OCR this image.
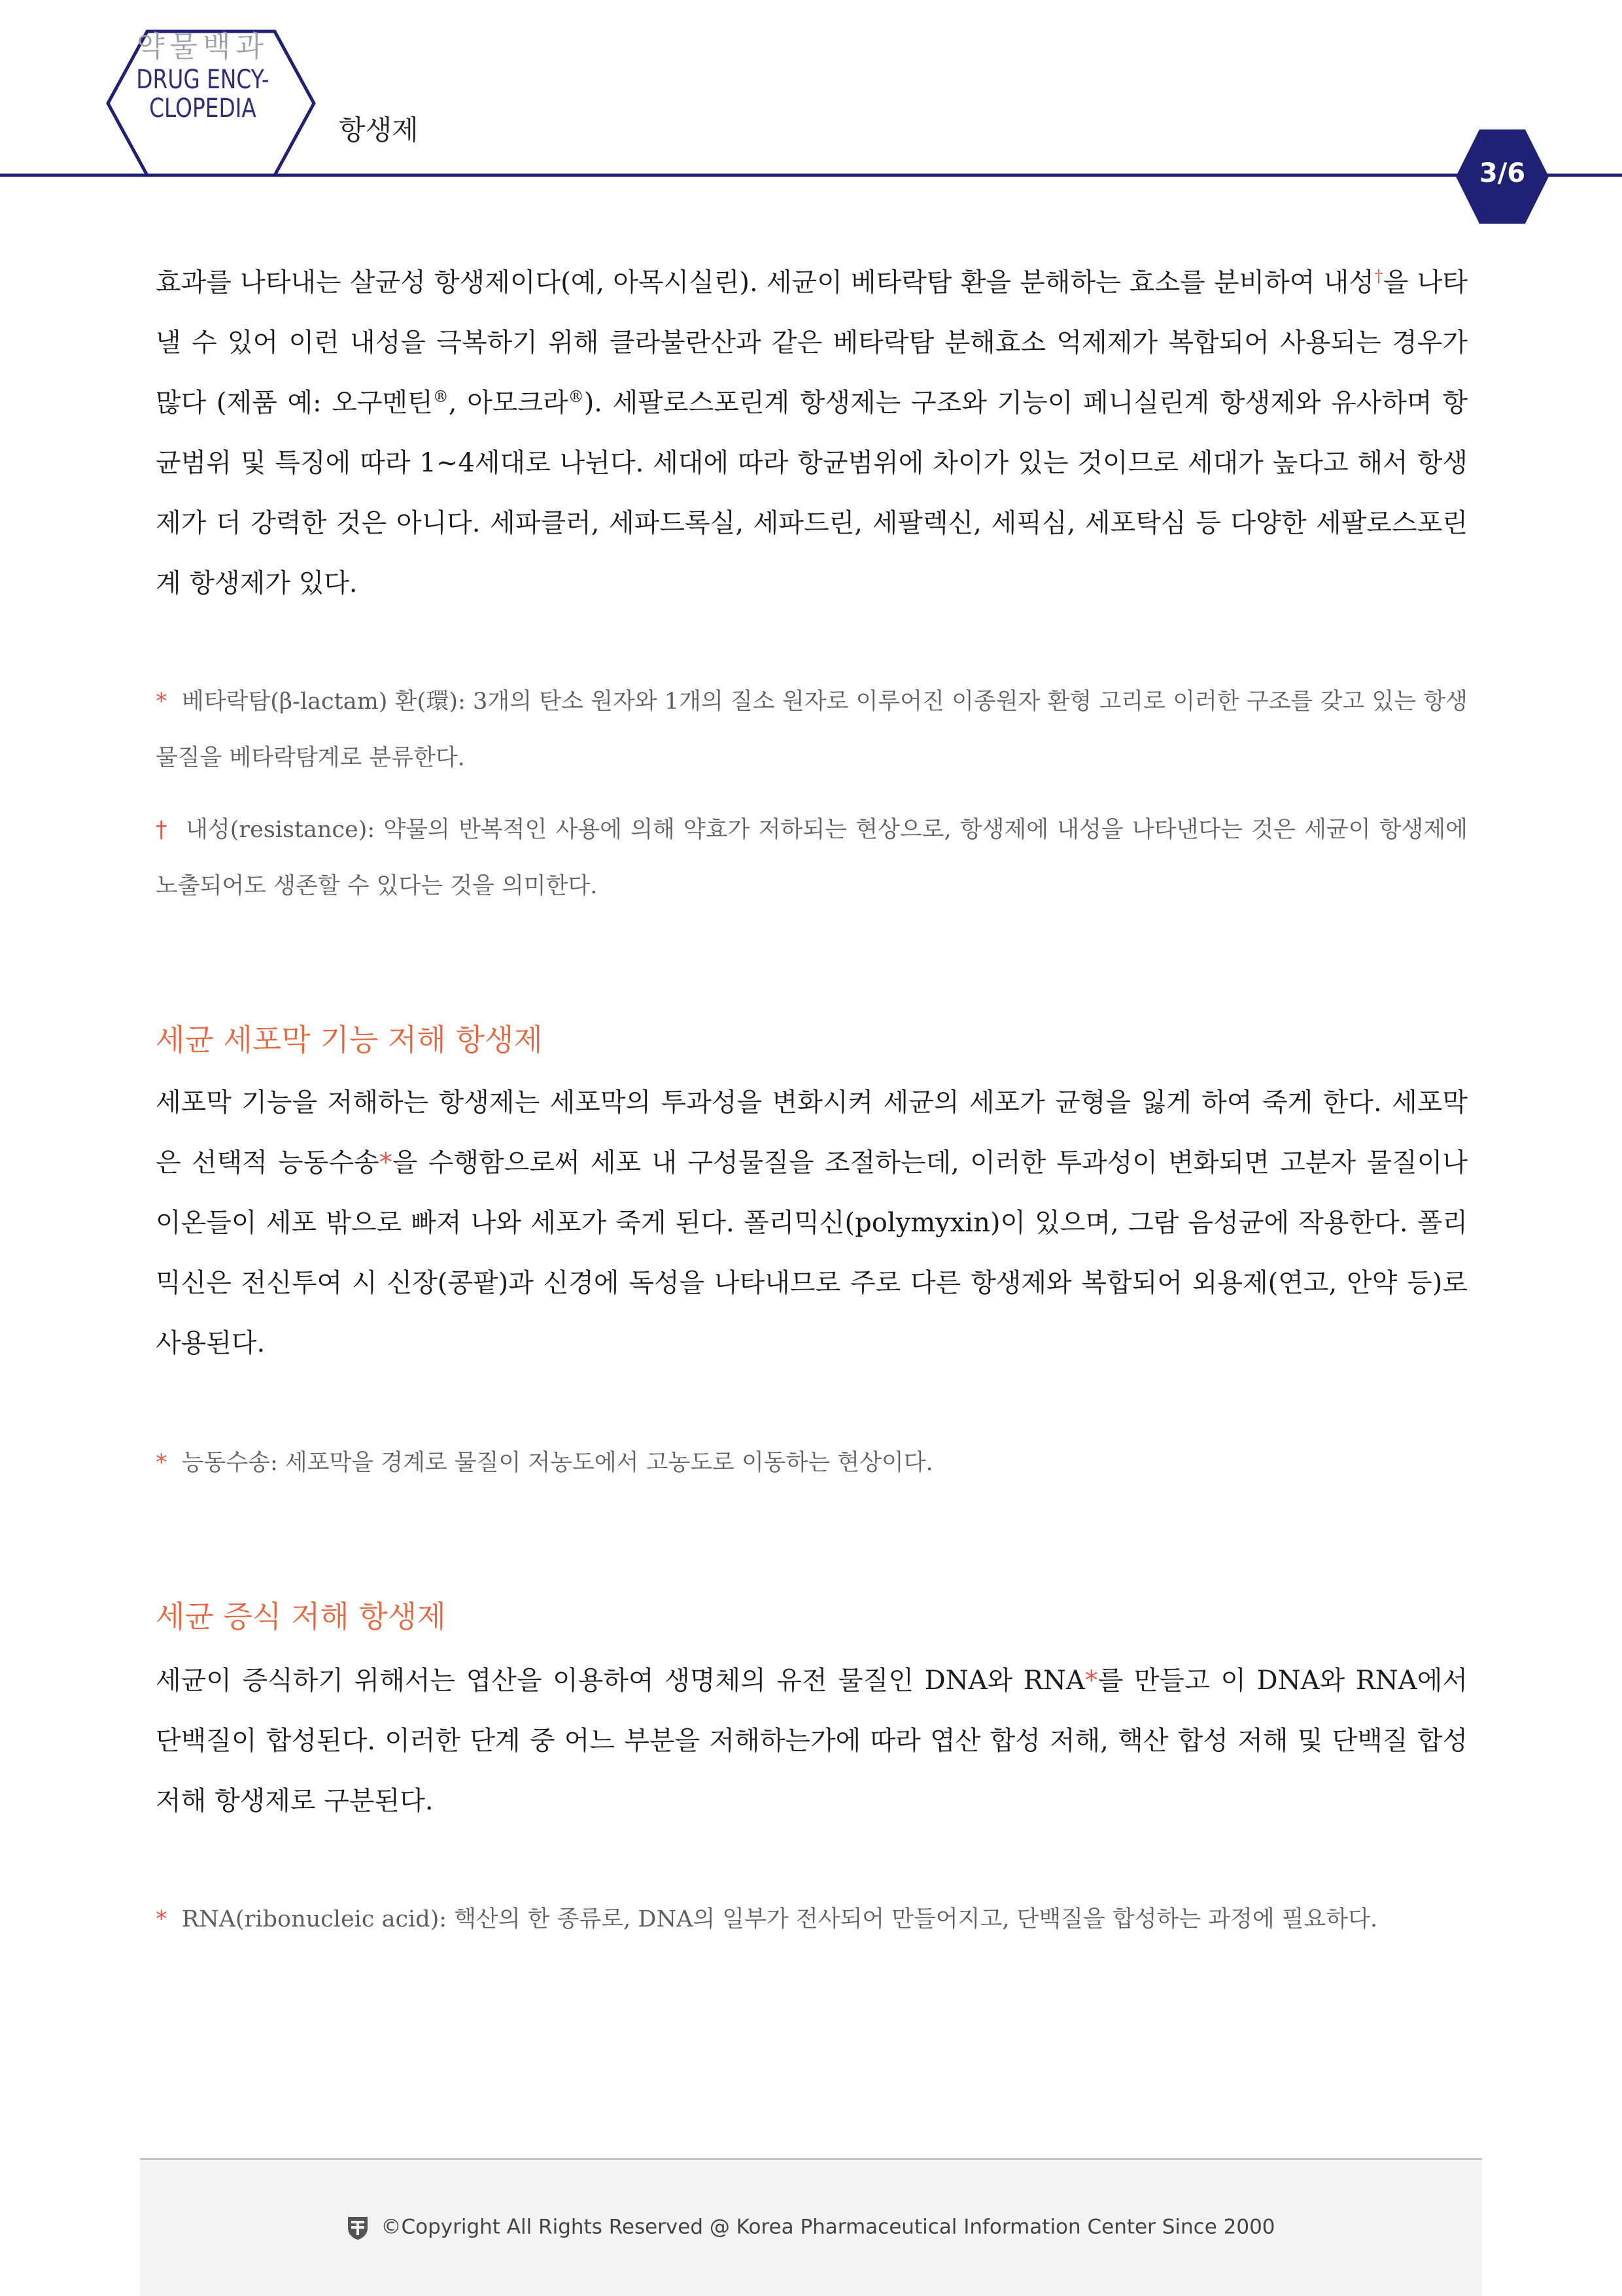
약물백과
DRUG ENCY-
CLOPEDIA
항생제
3/6

효과를 나타내는 살균성 항생제이다(예, 아목시실린). 세균이 베타락탐 환을 분해하는 효소를 분비하여 내성†을 나타낼 수 있어 이런 내성을 극복하기 위해 클라불란산과 같은 베타락탐 분해효소 억제제가 복합되어 사용되는 경우가 많다 (제품 예: 오구멘틴®, 아모크라®). 세팔로스포린계 항생제는 구조와 기능이 페니실린계 항생제와 유사하며 항균범위 및 특징에 따라 1~4세대로 나뉜다. 세대에 따라 항균범위에 차이가 있는 것이므로 세대가 높다고 해서 항생제가 더 강력한 것은 아니다. 세파클러, 세파드록실, 세파드린, 세팔렉신, 세픽심, 세포탁심 등 다양한 세팔로스포린계 항생제가 있다.

* 베타락탐(β-lactam) 환(環): 3개의 탄소 원자와 1개의 질소 원자로 이루어진 이종원자 환형 고리로 이러한 구조를 갖고 있는 항생물질을 베타락탐계로 분류한다.

† 내성(resistance): 약물의 반복적인 사용에 의해 약효가 저하되는 현상으로, 항생제에 내성을 나타낸다는 것은 세균이 항생제에 노출되어도 생존할 수 있다는 것을 의미한다.

세균 세포막 기능 저해 항생제

세포막 기능을 저해하는 항생제는 세포막의 투과성을 변화시켜 세균의 세포가 균형을 잃게 하여 죽게 한다. 세포막은 선택적 능동수송*을 수행함으로써 세포 내 구성물질을 조절하는데, 이러한 투과성이 변화되면 고분자 물질이나 이온들이 세포 밖으로 빠져 나와 세포가 죽게 된다. 폴리믹신(polymyxin)이 있으며, 그람 음성균에 작용한다. 폴리믹신은 전신투여 시 신장(콩팥)과 신경에 독성을 나타내므로 주로 다른 항생제와 복합되어 외용제(연고, 안약 등)로 사용된다.

* 능동수송: 세포막을 경계로 물질이 저농도에서 고농도로 이동하는 현상이다.

세균 증식 저해 항생제

세균이 증식하기 위해서는 엽산을 이용하여 생명체의 유전 물질인 DNA와 RNA*를 만들고 이 DNA와 RNA에서 단백질이 합성된다. 이러한 단계 중 어느 부분을 저해하는가에 따라 엽산 합성 저해, 핵산 합성 저해 및 단백질 합성 저해 항생제로 구분된다.

* RNA(ribonucleic acid): 핵산의 한 종류로, DNA의 일부가 전사되어 만들어지고, 단백질을 합성하는 과정에 필요하다.

©Copyright All Rights Reserved @ Korea Pharmaceutical Information Center Since 2000
